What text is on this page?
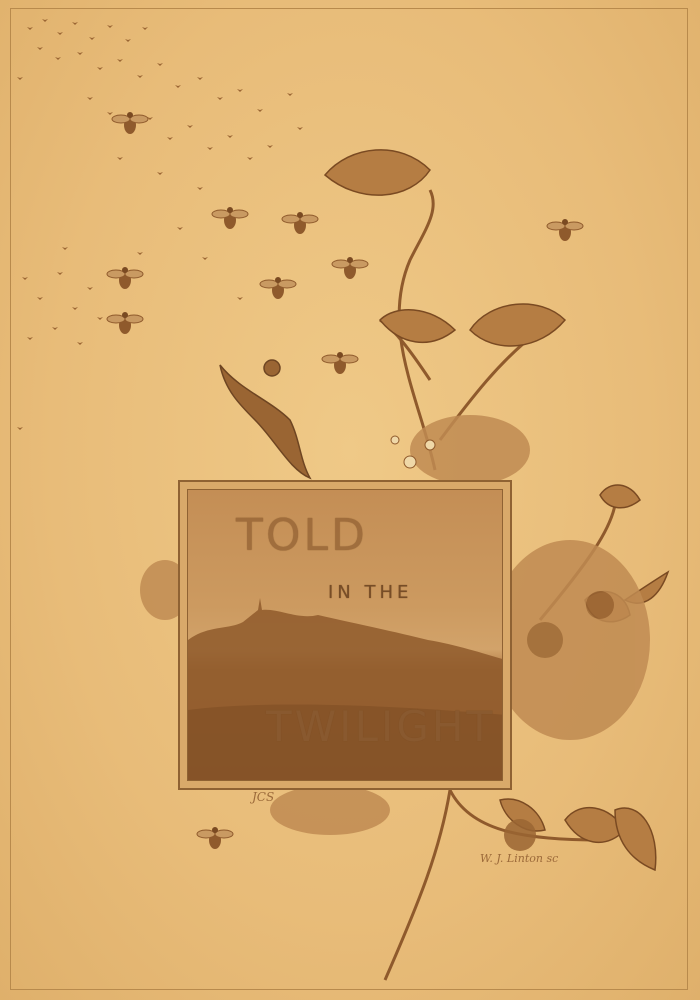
TOLD
IN THE
TWILIGHT
JCS
W. J. Linton sc
